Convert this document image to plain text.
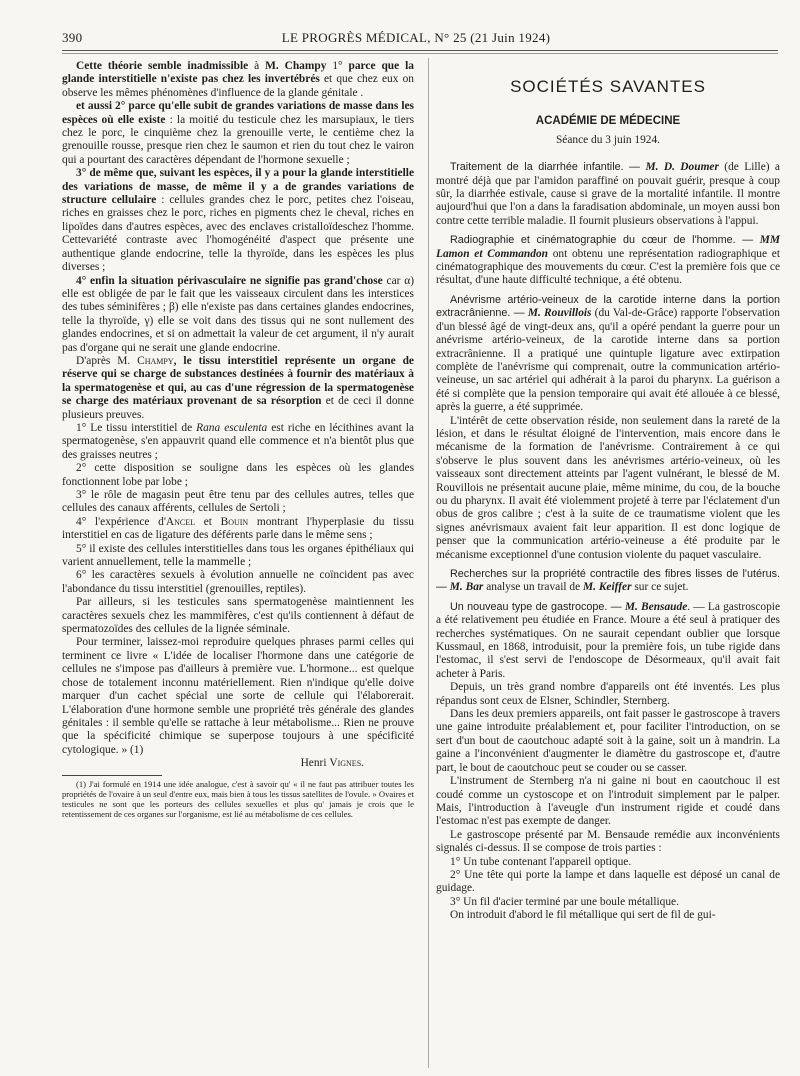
390	LE PROGRÈS MÉDICAL, N° 25 (21 Juin 1924)

Cette théorie semble inadmissible à M. Champy 1° parce que la glande interstitielle n'existe pas chez les invertébrés et que chez eux on observe les mêmes phénomènes d'influence de la glande génitale .

et aussi 2° parce qu'elle subit de grandes variations de masse dans les espèces où elle existe : la moitié du testicule chez les marsupiaux, le tiers chez le porc, le cinquième chez la grenouille verte, le centième chez la grenouille rousse, presque rien chez le saumon et rien du tout chez le vairon qui a pourtant des caractères dépendant de l'hormone sexuelle ;

3° de même que, suivant les espèces, il y a pour la glande interstitielle des variations de masse, de même il y a de grandes variations de structure cellulaire : cellules grandes chez le porc, petites chez l'oiseau, riches en graisses chez le porc, riches en pigments chez le cheval, riches en lipoïdes dans d'autres espèces, avec des enclaves cristalloïdeschez l'homme. Cettevariété contraste avec l'homogénéité d'aspect que présente une authentique glande endocrine, telle la thyroïde, dans les espèces les plus diverses ;

4° enfin la situation périvasculaire ne signifie pas grand'chose car α) elle est obligée de par le fait que les vaisseaux circulent dans les interstices des tubes séminifères ; β) elle n'existe pas dans certaines glandes endocrines, telle la thyroïde, γ) elle se voit dans des tissus qui ne sont nullement des glandes endocrines, et si on admettait la valeur de cet argument, il n'y aurait pas d'organe qui ne serait une glande endocrine.

D'après M. Champy, le tissu interstitiel représente un organe de réserve qui se charge de substances destinées à fournir des matériaux à la spermatogenèse et qui, au cas d'une régression de la spermatogenèse se charge des matériaux provenant de sa résorption et de ceci il donne plusieurs preuves.

1° Le tissu interstitiel de Rana esculenta est riche en lécithines avant la spermatogenèse, s'en appauvrit quand elle commence et n'a bientôt plus que des graisses neutres ;

2° cette disposition se souligne dans les espèces où les glandes fonctionnent lobe par lobe ;

3° le rôle de magasin peut être tenu par des cellules autres, telles que cellules des canaux afférents, cellules de Sertoli ;

4° l'expérience d'Ancel et Bouin montrant l'hyperplasie du tissu interstitiel en cas de ligature des déférents parle dans le même sens ;

5° il existe des cellules interstitielles dans tous les organes épithéliaux qui varient annuellement, telle la mammelle ;

6° les caractères sexuels à évolution annuelle ne coïncident pas avec l'abondance du tissu interstitiel (grenouilles, reptiles).

Par ailleurs, si les testicules sans spermatogenèse maintiennent les caractères sexuels chez les mammifères, c'est qu'ils contiennent à défaut de spermatozoïdes des cellules de la lignée séminale.

Pour terminer, laissez-moi reproduire quelques phrases parmi celles qui terminent ce livre « L'idée de localiser l'hormone dans une catégorie de cellules ne s'impose pas d'ailleurs à première vue. L'hormone... est quelque chose de totalement inconnu matériellement. Rien n'indique qu'elle doive marquer d'un cachet spécial une sorte de cellule qui l'élaborerait. L'élaboration d'une hormone semble une propriété très générale des glandes génitales : il semble qu'elle se rattache à leur métabolisme... Rien ne prouve que la spécificité chimique se superpose toujours à une spécificité cytologique. » (1)

Henri Vignes.

(1) J'ai formulé en 1914 une idée analogue, c'est à savoir qu' « il ne faut pas attribuer toutes les propriétés de l'ovaire à un seul d'entre eux, mais bien à tous les tissus satellites de l'ovule. » Ovaires et testicules ne sont que les porteurs des cellules sexuelles et plus qu' jamais je crois que le retentissement de ces organes sur l'organisme, est lié au métabolisme de ces cellules.

SOCIÉTÉS SAVANTES

ACADÉMIE DE MÉDECINE

Séance du 3 juin 1924.

Traitement de la diarrhée infantile. — M. D. Doumer (de Lille) a montré déjà que par l'amidon paraffiné on pouvait guérir, presque à coup sûr, la diarrhée estivale, cause si grave de la mortalité infantile. Il montre aujourd'hui que l'on a dans la faradisation abdominale, un moyen aussi bon contre cette terrible maladie. Il fournit plusieurs observations à l'appui.

Radiographie et cinématographie du cœur de l'homme. — MM Lamon et Commandon ont obtenu une représentation radiographique et cinématographique des mouvements du cœur. C'est la première fois que ce résultat, d'une haute difficulté technique, a été obtenu.

Anévrisme artério-veineux de la carotide interne dans la portion extracrânienne. — M. Rouvillois (du Val-de-Grâce) rapporte l'observation d'un blessé âgé de vingt-deux ans, qu'il a opéré pendant la guerre pour un anévrisme artério-veineux, de la carotide interne dans sa portion extracrânienne. Il a pratiqué une quintuple ligature avec extirpation complète de l'anévrisme qui comprenait, outre la communication artério-veineuse, un sac artériel qui adhérait à la paroi du pharynx. La guérison a été si complète que la pension temporaire qui avait été allouée à ce blessé, après la guerre, a été supprimée.

L'intérêt de cette observation réside, non seulement dans la rareté de la lésion, et dans le résultat éloigné de l'intervention, mais encore dans le mécanisme de la formation de l'anévrisme. Contrairement à ce qui s'observe le plus souvent dans les anévrismes artério-veineux, où les vaisseaux sont directement atteints par l'agent vulnérant, le blessé de M. Rouvillois ne présentait aucune plaie, même minime, du cou, de la bouche ou du pharynx. Il avait été violemment projeté à terre par l'éclatement d'un obus de gros calibre ; c'est à la suite de ce traumatisme violent que les signes anévrismaux avaient fait leur apparition. Il est donc logique de penser que la communication artério-veineuse a été produite par le mécanisme exceptionnel d'une contusion violente du paquet vasculaire.

Recherches sur la propriété contractile des fibres lisses de l'utérus. — M. Bar analyse un travail de M. Keiffer sur ce sujet.

Un nouveau type de gastrocope. — M. Bensaude. — La gastroscopie a été relativement peu étudiée en France. Moure a été seul à pratiquer des recherches systématiques. On ne saurait cependant oublier que lorsque Kussmaul, en 1868, introduisit, pour la première fois, un tube rigide dans l'estomac, il s'est servi de l'endoscope de Désormeaux, qu'il avait fait acheter à Paris.

Depuis, un très grand nombre d'appareils ont été inventés. Les plus répandus sont ceux de Elsner, Schindler, Sternberg.

Dans les deux premiers appareils, ont fait passer le gastroscope à travers une gaine introduite préalablement et, pour faciliter l'introduction, on se sert d'un bout de caoutchouc adapté soit à la gaine, soit un à mandrin. La gaine a l'inconvénient d'augmenter le diamètre du gastroscope et, d'autre part, le bout de caoutchouc peut se couder ou se casser.

L'instrument de Sternberg n'a ni gaine ni bout en caoutchouc il est coudé comme un cystoscope et on l'introduit simplement par le palper. Mais, l'introduction à l'aveugle d'un instrument rigide et coudé dans l'estomac n'est pas exempte de danger.

Le gastroscope présenté par M. Bensaude remédie aux inconvénients signalés ci-dessus. Il se compose de trois parties :

1° Un tube contenant l'appareil optique.

2° Une tête qui porte la lampe et dans laquelle est déposé un canal de guidage.

3° Un fil d'acier terminé par une boule métallique.

On introduit d'abord le fil métallique qui sert de fil de gui-
